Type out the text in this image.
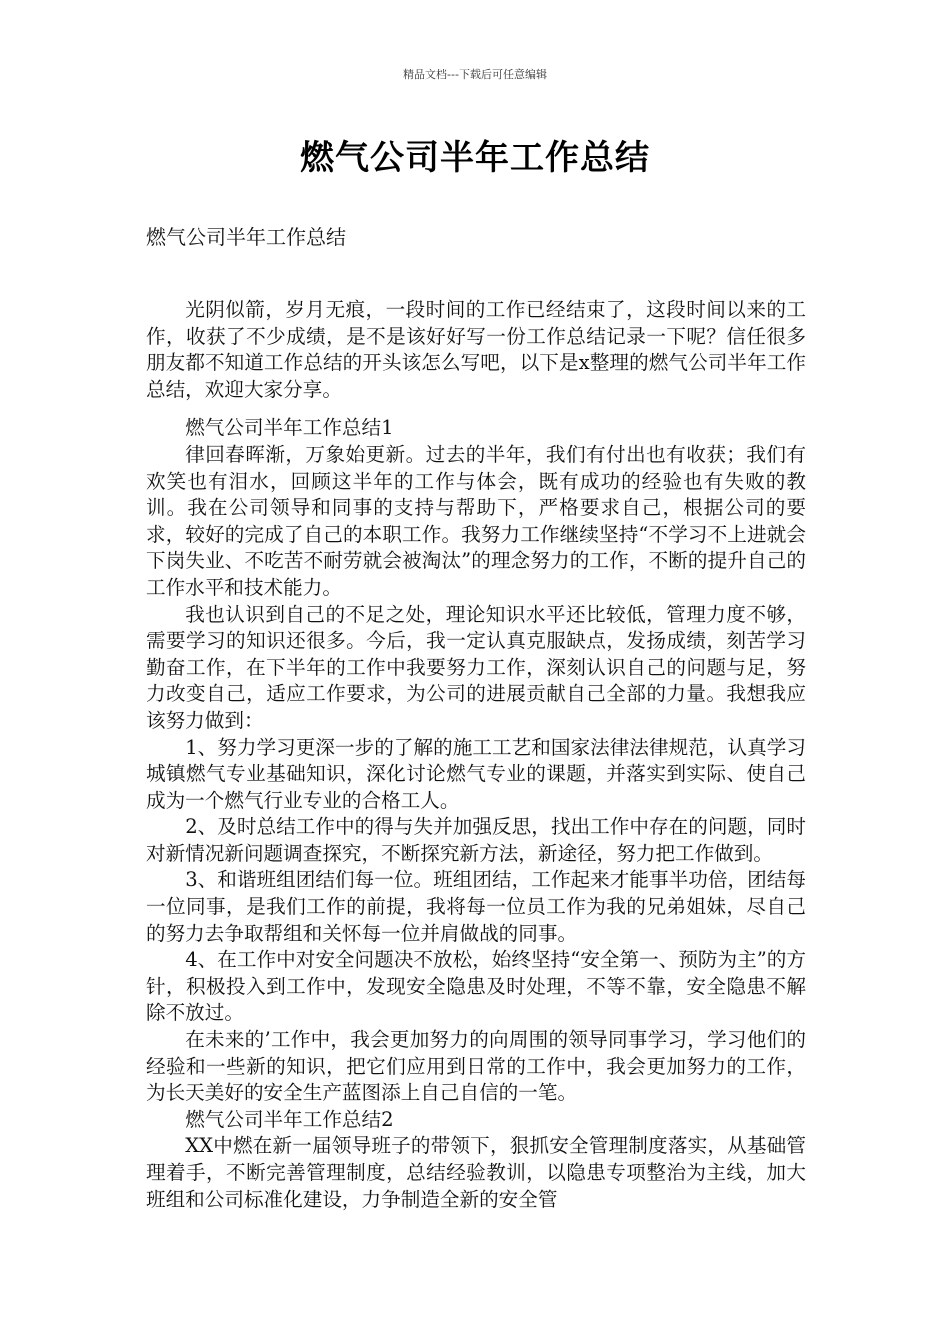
精品文档---下载后可任意编辑
燃气公司半年工作总结
燃气公司半年工作总结

光阴似箭，岁月无痕，一段时间的工作已经结束了，这段时间以来的工作，收获了不少成绩，是不是该好好写一份工作总结记录一下呢？信任很多朋友都不知道工作总结的开头该怎么写吧，以下是x整理的燃气公司半年工作总结，欢迎大家分享。

燃气公司半年工作总结1

律回春晖渐，万象始更新。过去的半年，我们有付出也有收获；我们有欢笑也有泪水，回顾这半年的工作与体会，既有成功的经验也有失败的教训。我在公司领导和同事的支持与帮助下，严格要求自己，根据公司的要求，较好的完成了自己的本职工作。我努力工作继续坚持“不学习不上进就会下岗失业、不吃苦不耐劳就会被淘汰”的理念努力的工作，不断的提升自己的工作水平和技术能力。

我也认识到自己的不足之处，理论知识水平还比较低，管理力度不够，需要学习的知识还很多。今后，我一定认真克服缺点，发扬成绩，刻苦学习勤奋工作，在下半年的工作中我要努力工作，深刻认识自己的问题与足，努力改变自己，适应工作要求，为公司的进展贡献自己全部的力量。我想我应该努力做到：

1、努力学习更深一步的了解的施工工艺和国家法律法律规范，认真学习城镇燃气专业基础知识，深化讨论燃气专业的课题，并落实到实际、使自己成为一个燃气行业专业的合格工人。

2、及时总结工作中的得与失并加强反思，找出工作中存在的问题，同时对新情况新问题调查探究，不断探究新方法，新途径，努力把工作做到。

3、和谐班组团结们每一位。班组团结，工作起来才能事半功倍，团结每一位同事，是我们工作的前提，我将每一位员工作为我的兄弟姐妹，尽自己的努力去争取帮组和关怀每一位并肩做战的同事。

4、在工作中对安全问题决不放松，始终坚持“安全第一、预防为主”的方针，积极投入到工作中，发现安全隐患及时处理，不等不靠，安全隐患不解除不放过。

在未来的’工作中，我会更加努力的向周围的领导同事学习，学习他们的经验和一些新的知识，把它们应用到日常的工作中，我会更加努力的工作，为长天美好的安全生产蓝图添上自己自信的一笔。

燃气公司半年工作总结2

XX中燃在新一届领导班子的带领下，狠抓安全管理制度落实，从基础管理着手，不断完善管理制度，总结经验教训，以隐患专项整治为主线，加大班组和公司标准化建设，力争制造全新的安全管
